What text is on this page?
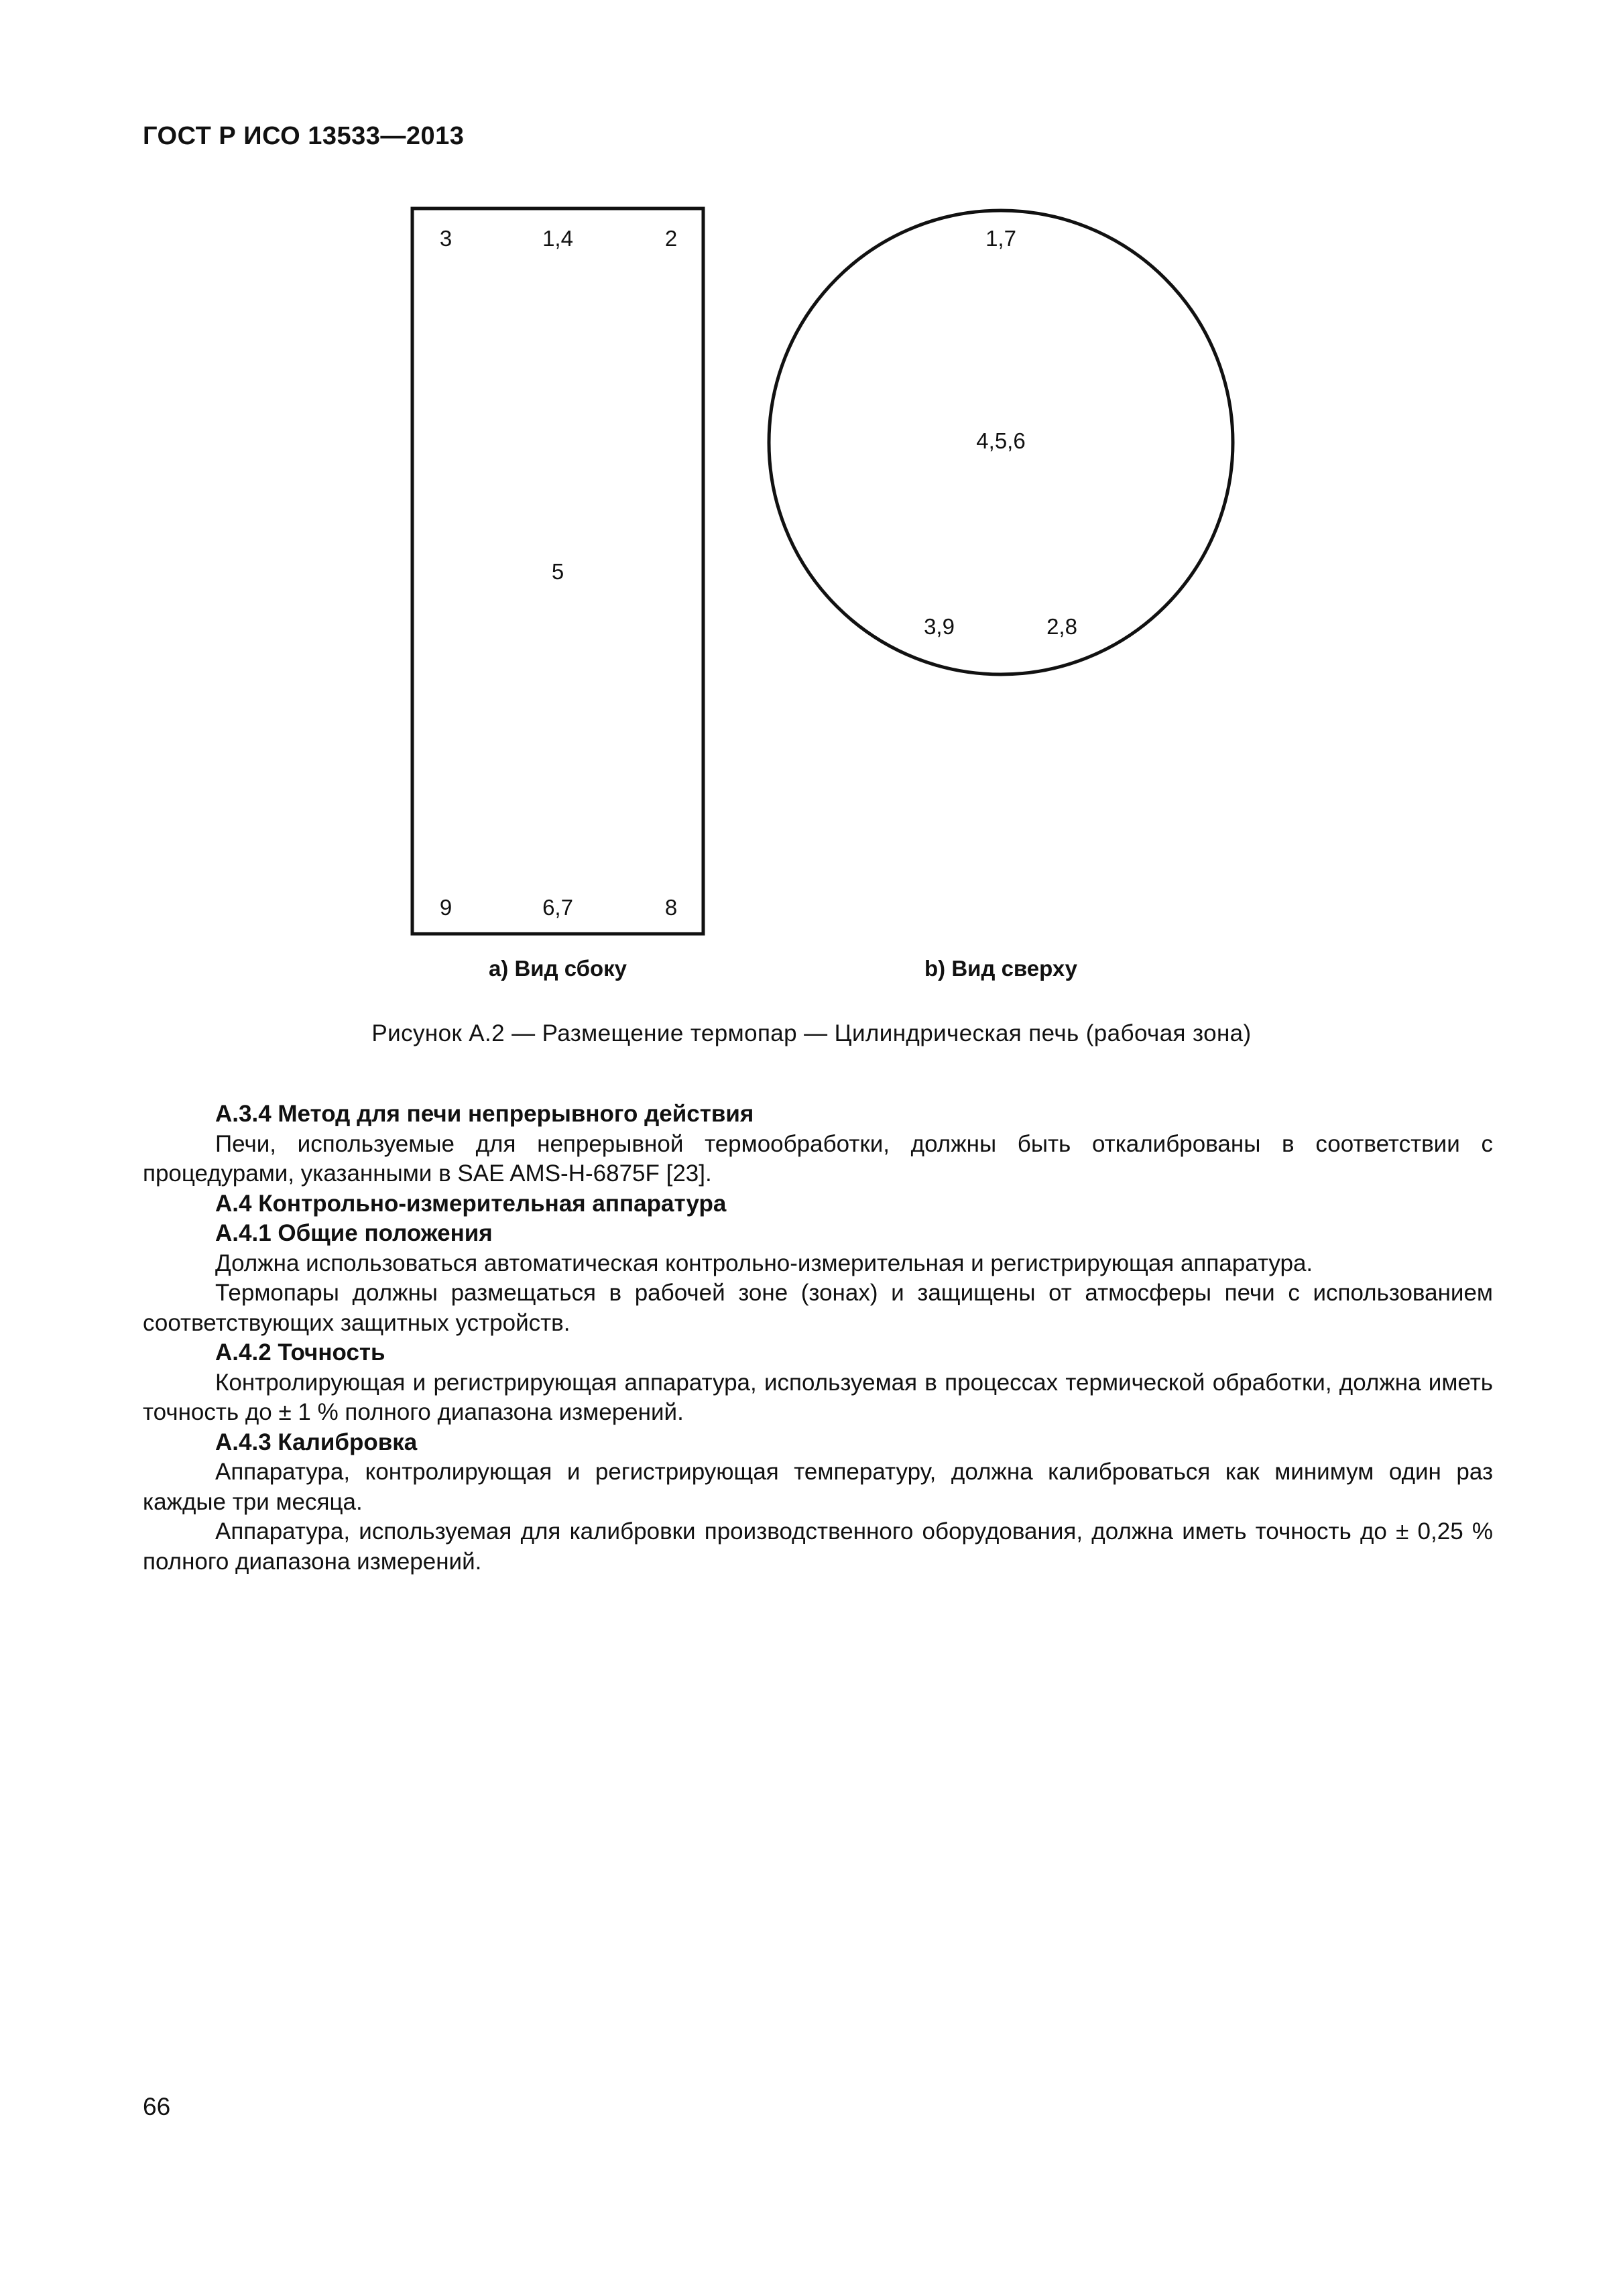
ГОСТ Р ИСО 13533—2013
3	1,4	2
5
9	6,7	8
a) Вид сбоку
1,7
4,5,6
3,9	2,8
b) Вид сверху
Рисунок А.2 — Размещение термопар — Цилиндрическая печь (рабочая зона)

А.3.4 Метод для печи непрерывного действия

Печи, используемые для непрерывной термообработки, должны быть откалиброваны в соответствии с процедурами, указанными в SAE AMS-H-6875F [23].

А.4 Контрольно-измерительная аппаратура

А.4.1 Общие положения

Должна использоваться автоматическая контрольно-измерительная и регистрирующая аппаратура.

Термопары должны размещаться в рабочей зоне (зонах) и защищены от атмосферы печи с использованием соответствующих защитных устройств.

А.4.2 Точность

Контролирующая и регистрирующая аппаратура, используемая в процессах термической обработки, должна иметь точность до ± 1 % полного диапазона измерений.

А.4.3 Калибровка

Аппаратура, контролирующая и регистрирующая температуру, должна калиброваться как минимум один раз каждые три месяца.

Аппаратура, используемая для калибровки производственного оборудования, должна иметь точность до ± 0,25 % полного диапазона измерений.

66
